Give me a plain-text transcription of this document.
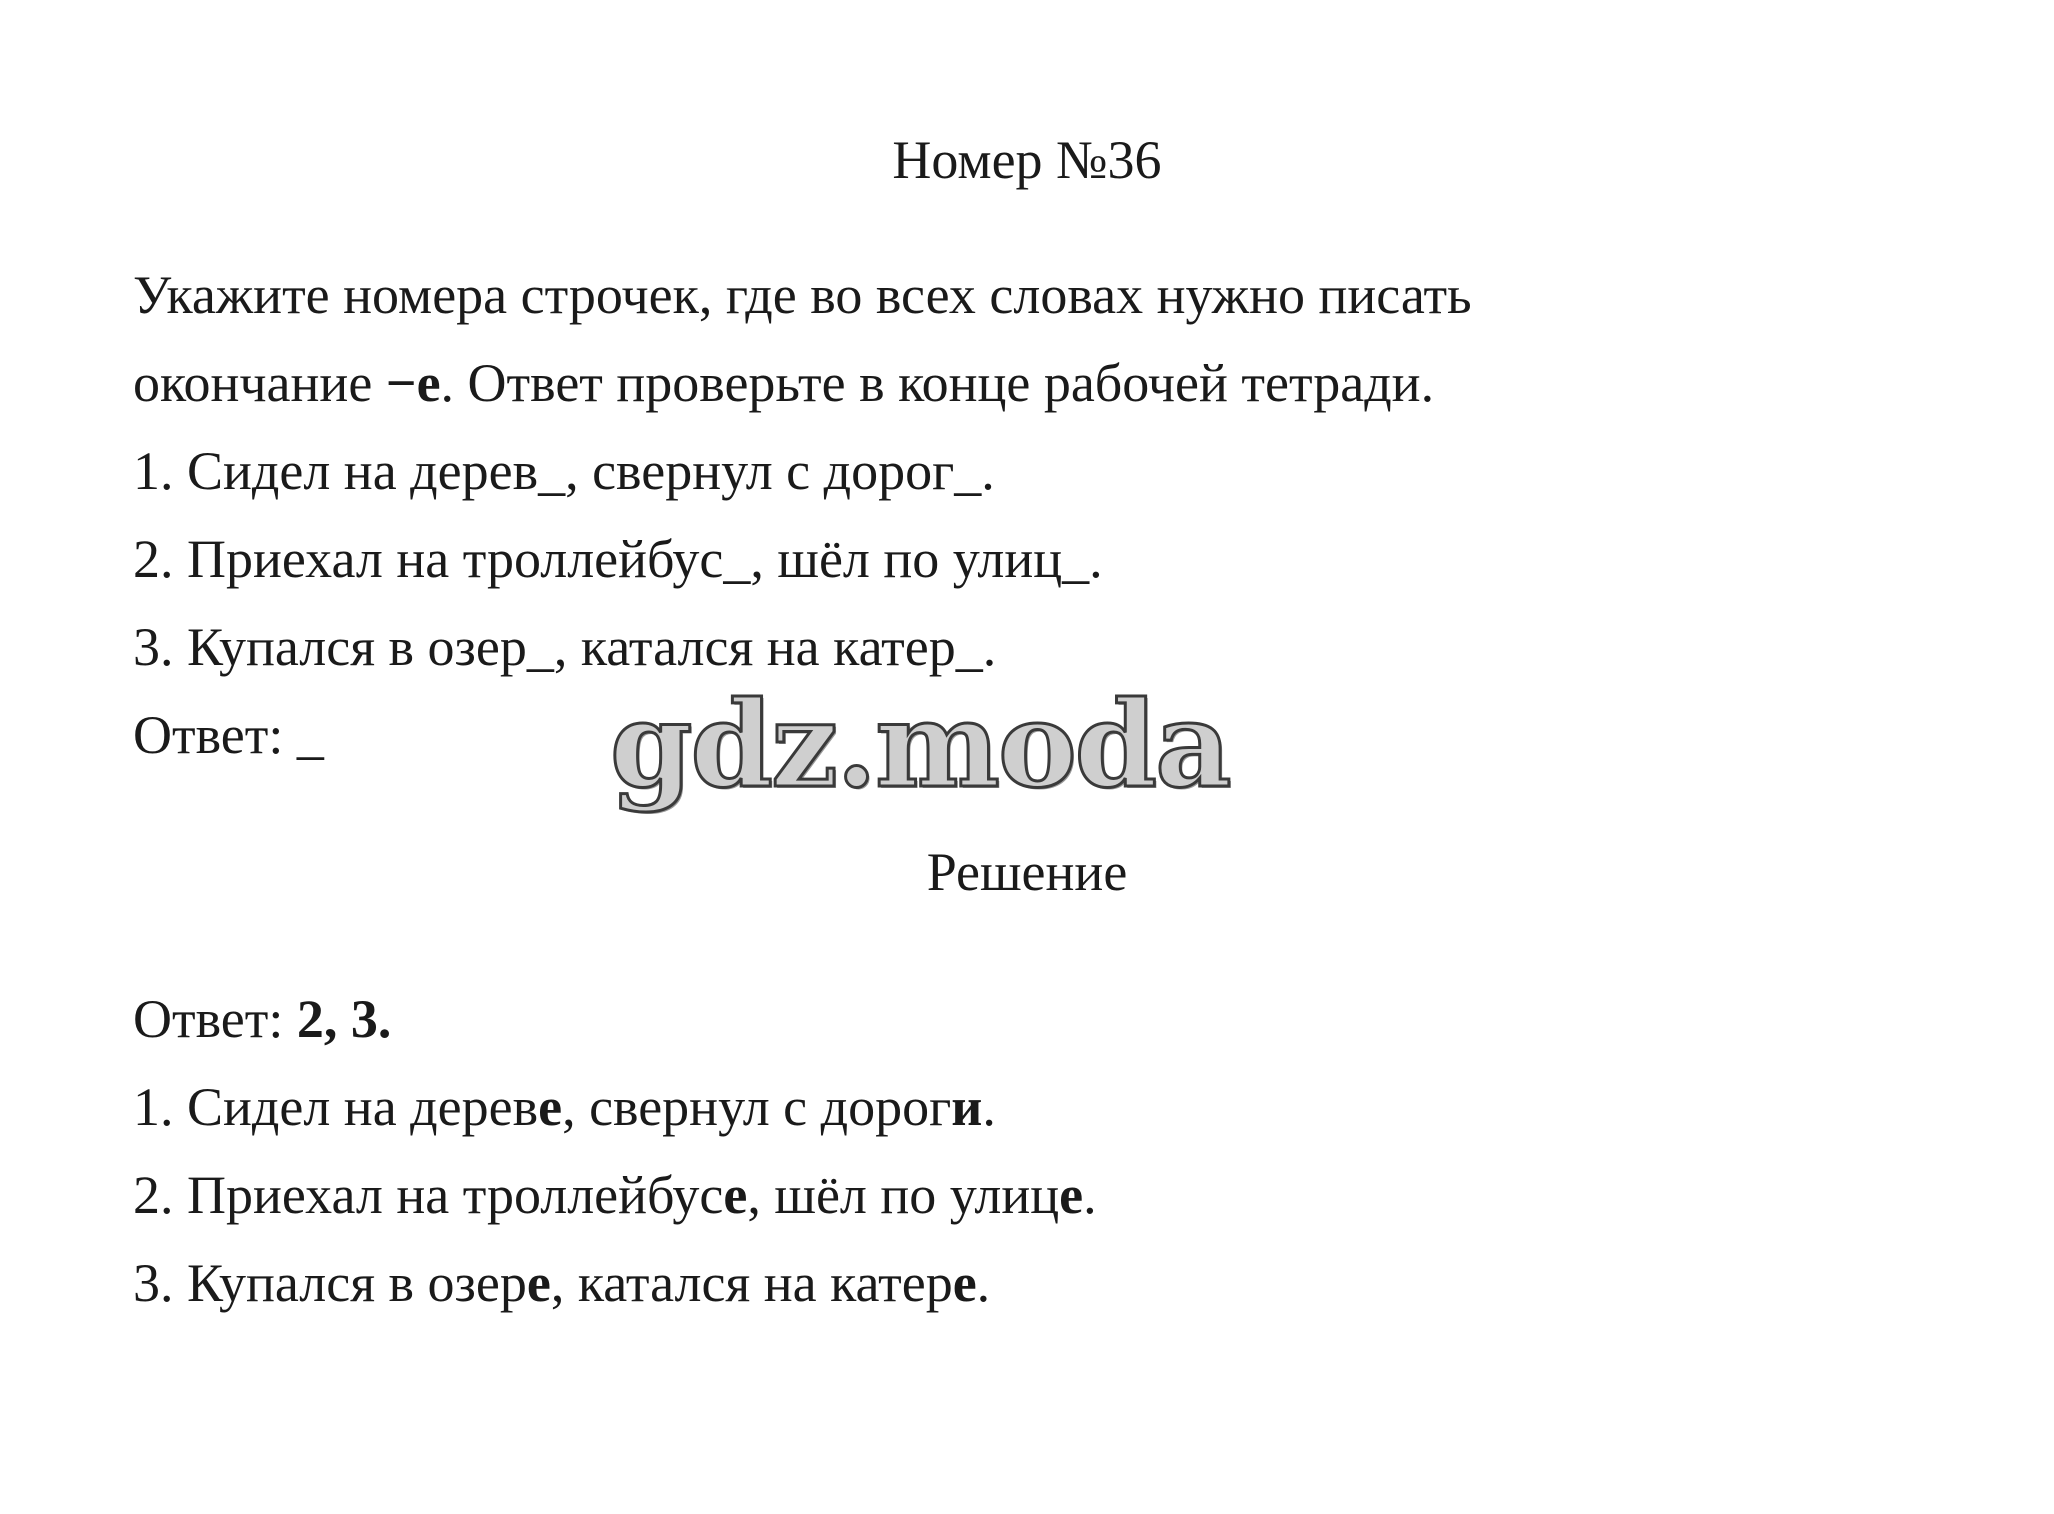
Номер №36
Укажите номера строчек, где во всех словах нужно писать
окончание −е. Ответ проверьте в конце рабочей тетради.
1. Сидел на дерев_, свернул с дорог_.
2. Приехал на троллейбус_, шёл по улиц_.
3. Купался в озер_, катался на катер_.
Ответ: _	gdz.moda
Решение
Ответ: 2, 3.
1. Сидел на дереве, свернул с дороги.
2. Приехал на троллейбусе, шёл по улице.
3. Купался в озере, катался на катере.
